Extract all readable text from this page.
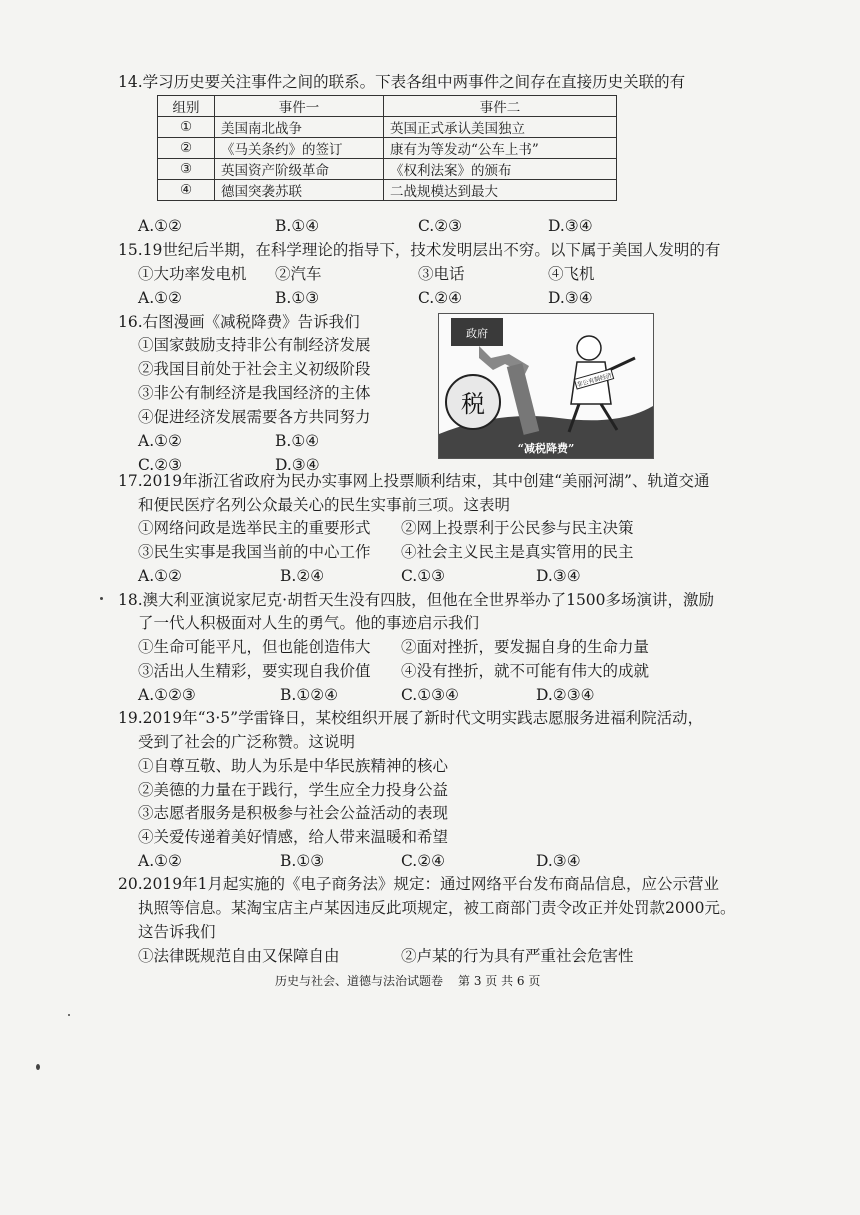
14.学习历史要关注事件之间的联系。下表各组中两事件之间存在直接历史关联的有
组别	事件一	事件二
①	美国南北战争	英国正式承认美国独立
②	《马关条约》的签订	康有为等发动“公车上书”
③	英国资产阶级革命	《权利法案》的颁布
④	德国突袭苏联	二战规模达到最大
A.①②	B.①④	C.②③	D.③④
15.19世纪后半期，在科学理论的指导下，技术发明层出不穷。以下属于美国人发明的有
①大功率发电机 ②汽车	③电话	④飞机
A.①②	B.①③	C.②④	D.③④
16.右图漫画《减税降费》告诉我们
①国家鼓励支持非公有制经济发展
②我国目前处于社会主义初级阶段
③非公有制经济是我国经济的主体
④促进经济发展需要各方共同努力
A.①②	B.①④
C.②③	D.③④
政府
税
非公有制经济
“减税降费”
17.2019年浙江省政府为民办实事网上投票顺利结束，其中创建“美丽河湖”、轨道交通
和便民医疗名列公众最关心的民生实事前三项。这表明
①网络问政是选举民主的重要形式 ②网上投票利于公民参与民主决策
③民生实事是我国当前的中心工作 ④社会主义民主是真实管用的民主
A.①②	B.②④	C.①③	D.③④
18.澳大利亚演说家尼克·胡哲天生没有四肢，但他在全世界举办了1500多场演讲，激励
了一代人积极面对人生的勇气。他的事迹启示我们
①生命可能平凡，但也能创造伟大 ②面对挫折，要发掘自身的生命力量
③活出人生精彩，要实现自我价值 ④没有挫折，就不可能有伟大的成就
A.①②③	B.①②④	C.①③④	D.②③④
19.2019年“3·5”学雷锋日，某校组织开展了新时代文明实践志愿服务进福利院活动，
受到了社会的广泛称赞。这说明
①自尊互敬、助人为乐是中华民族精神的核心
②美德的力量在于践行，学生应全力投身公益
③志愿者服务是积极参与社会公益活动的表现
④关爱传递着美好情感，给人带来温暖和希望
A.①②	B.①③	C.②④	D.③④
20.2019年1月起实施的《电子商务法》规定：通过网络平台发布商品信息，应公示营业
执照等信息。某淘宝店主卢某因违反此项规定，被工商部门责令改正并处罚款2000元。
这告诉我们
①法律既规范自由又保障自由	②卢某的行为具有严重社会危害性
历史与社会、道德与法治试题卷 第 3 页 共 6 页
